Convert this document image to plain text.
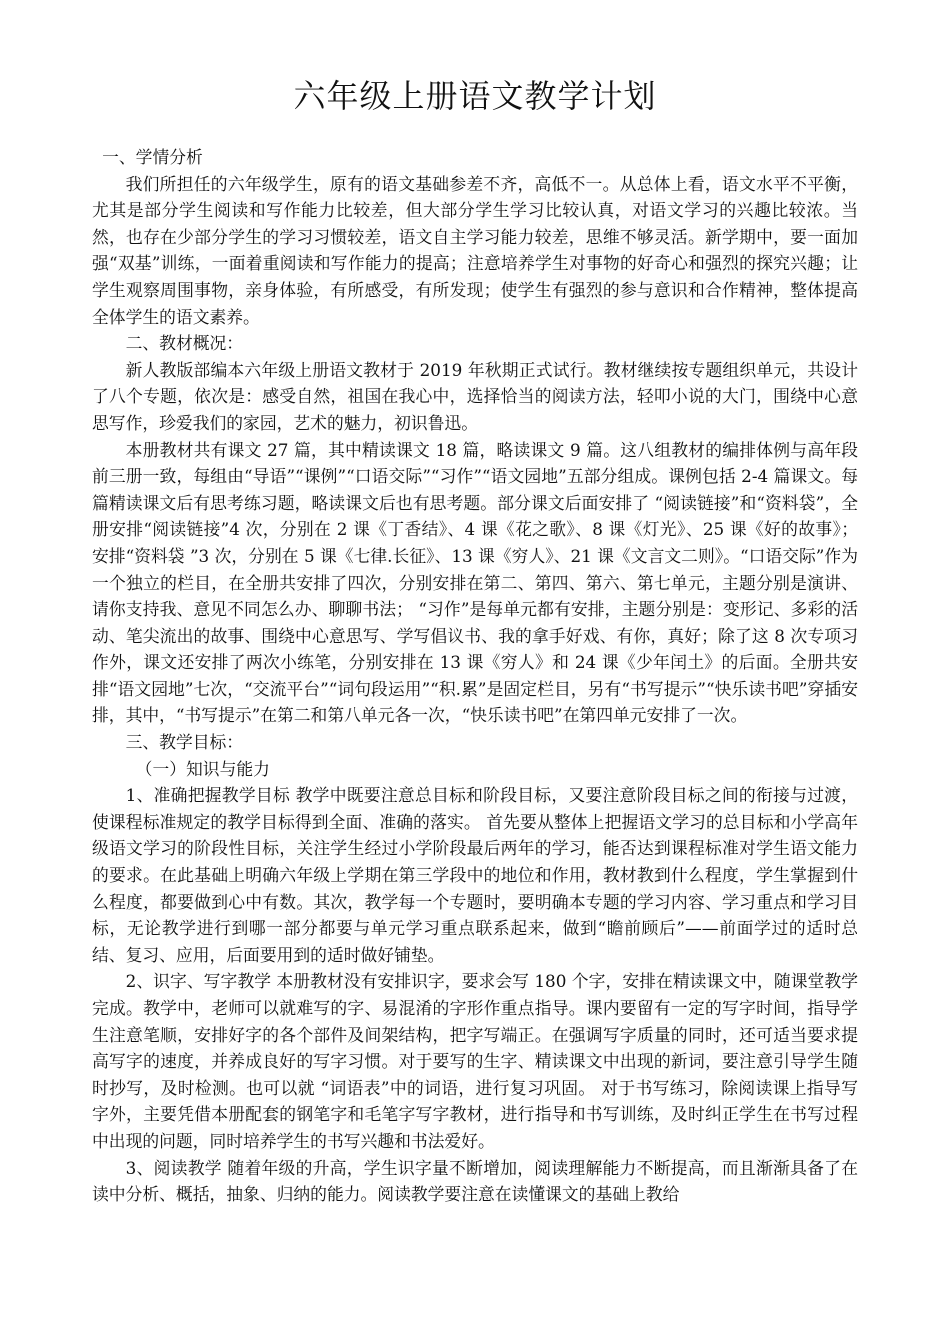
六年级上册语文教学计划

一、学情分析

我们所担任的六年级学生，原有的语文基础参差不齐，高低不一。从总体上看，语文水平不平衡，尤其是部分学生阅读和写作能力比较差，但大部分学生学习比较认真，对语文学习的兴趣比较浓。当然，也存在少部分学生的学习习惯较差，语文自主学习能力较差，思维不够灵活。新学期中，要一面加强“双基”训练，一面着重阅读和写作能力的提高；注意培养学生对事物的好奇心和强烈的探究兴趣；让学生观察周围事物，亲身体验，有所感受，有所发现；使学生有强烈的参与意识和合作精神，整体提高全体学生的语文素养。

二、教材概况：

新人教版部编本六年级上册语文教材于 2019 年秋期正式试行。教材继续按专题组织单元，共设计了八个专题，依次是：感受自然，祖国在我心中，选择恰当的阅读方法，轻叩小说的大门，围绕中心意思写作，珍爱我们的家园，艺术的魅力，初识鲁迅。

本册教材共有课文 27 篇，其中精读课文 18 篇，略读课文 9 篇。这八组教材的编排体例与高年段前三册一致，每组由“导语”“课例”“口语交际”“习作”“语文园地”五部分组成。课例包括 2-4 篇课文。每篇精读课文后有思考练习题，略读课文后也有思考题。部分课文后面安排了 “阅读链接”和“资料袋”，全册安排“阅读链接”4 次，分别在 2 课《丁香结》、4 课《花之歌》、8 课《灯光》、25 课《好的故事》；安排“资料袋 ”3 次，分别在 5 课《七律.长征》、13 课《穷人》、21 课《文言文二则》。“口语交际”作为一个独立的栏目，在全册共安排了四次，分别安排在第二、第四、第六、第七单元，主题分别是演讲、请你支持我、意见不同怎么办、聊聊书法； “习作”是每单元都有安排，主题分别是：变形记、多彩的活动、笔尖流出的故事、围绕中心意思写、学写倡议书、我的拿手好戏、有你，真好；除了这 8 次专项习作外，课文还安排了两次小练笔，分别安排在 13 课《穷人》和 24 课《少年闰土》的后面。全册共安排“语文园地”七次，“交流平台”“词句段运用”“积.累”是固定栏目，另有“书写提示”“快乐读书吧”穿插安排，其中，“书写提示”在第二和第八单元各一次，“快乐读书吧”在第四单元安排了一次。

三、教学目标：

（一）知识与能力

1、准确把握教学目标 教学中既要注意总目标和阶段目标，又要注意阶段目标之间的衔接与过渡，使课程标准规定的教学目标得到全面、准确的落实。 首先要从整体上把握语文学习的总目标和小学高年级语文学习的阶段性目标，关注学生经过小学阶段最后两年的学习，能否达到课程标准对学生语文能力的要求。在此基础上明确六年级上学期在第三学段中的地位和作用，教材教到什么程度，学生掌握到什么程度，都要做到心中有数。其次，教学每一个专题时，要明确本专题的学习内容、学习重点和学习目标，无论教学进行到哪一部分都要与单元学习重点联系起来，做到“瞻前顾后”——前面学过的适时总结、复习、应用，后面要用到的适时做好铺垫。

2、识字、写字教学 本册教材没有安排识字，要求会写 180 个字，安排在精读课文中，随课堂教学完成。教学中，老师可以就难写的字、易混淆的字形作重点指导。课内要留有一定的写字时间，指导学生注意笔顺，安排好字的各个部件及间架结构，把字写端正。在强调写字质量的同时，还可适当要求提高写字的速度，并养成良好的写字习惯。对于要写的生字、精读课文中出现的新词，要注意引导学生随时抄写，及时检测。也可以就 “词语表”中的词语，进行复习巩固。 对于书写练习，除阅读课上指导写字外，主要凭借本册配套的钢笔字和毛笔字写字教材，进行指导和书写训练，及时纠正学生在书写过程中出现的问题，同时培养学生的书写兴趣和书法爱好。

3、阅读教学 随着年级的升高，学生识字量不断增加，阅读理解能力不断提高，而且渐渐具备了在读中分析、概括，抽象、归纳的能力。阅读教学要注意在读懂课文的基础上教给
